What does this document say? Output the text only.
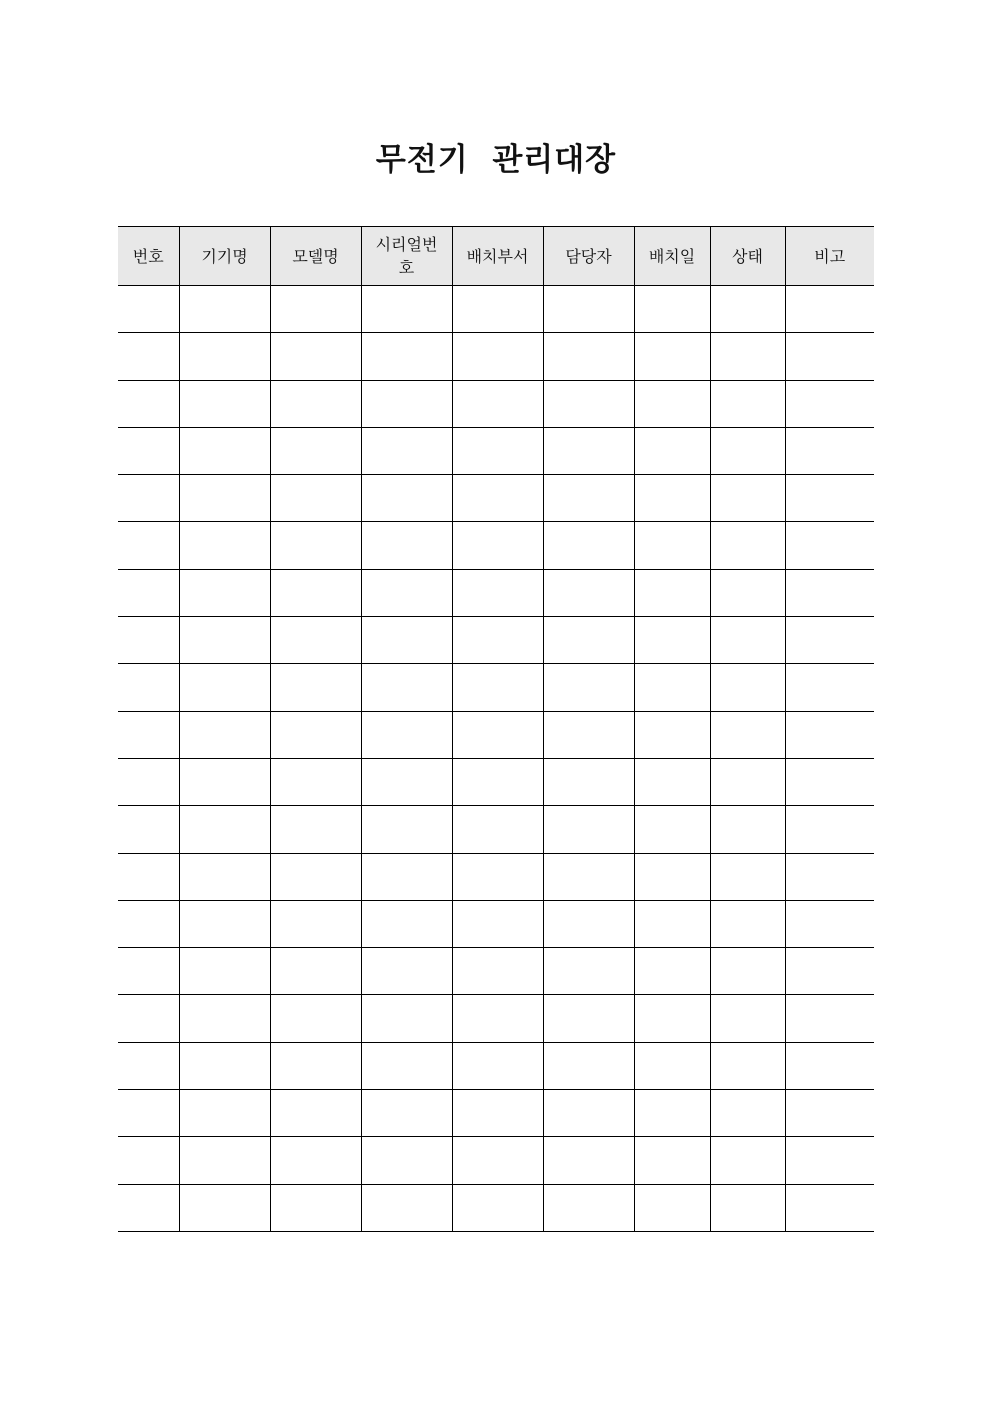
무전기  관리대장
번호	기기명	모델명	시리얼번호	배치부서	담당자	배치일	상태	비고
